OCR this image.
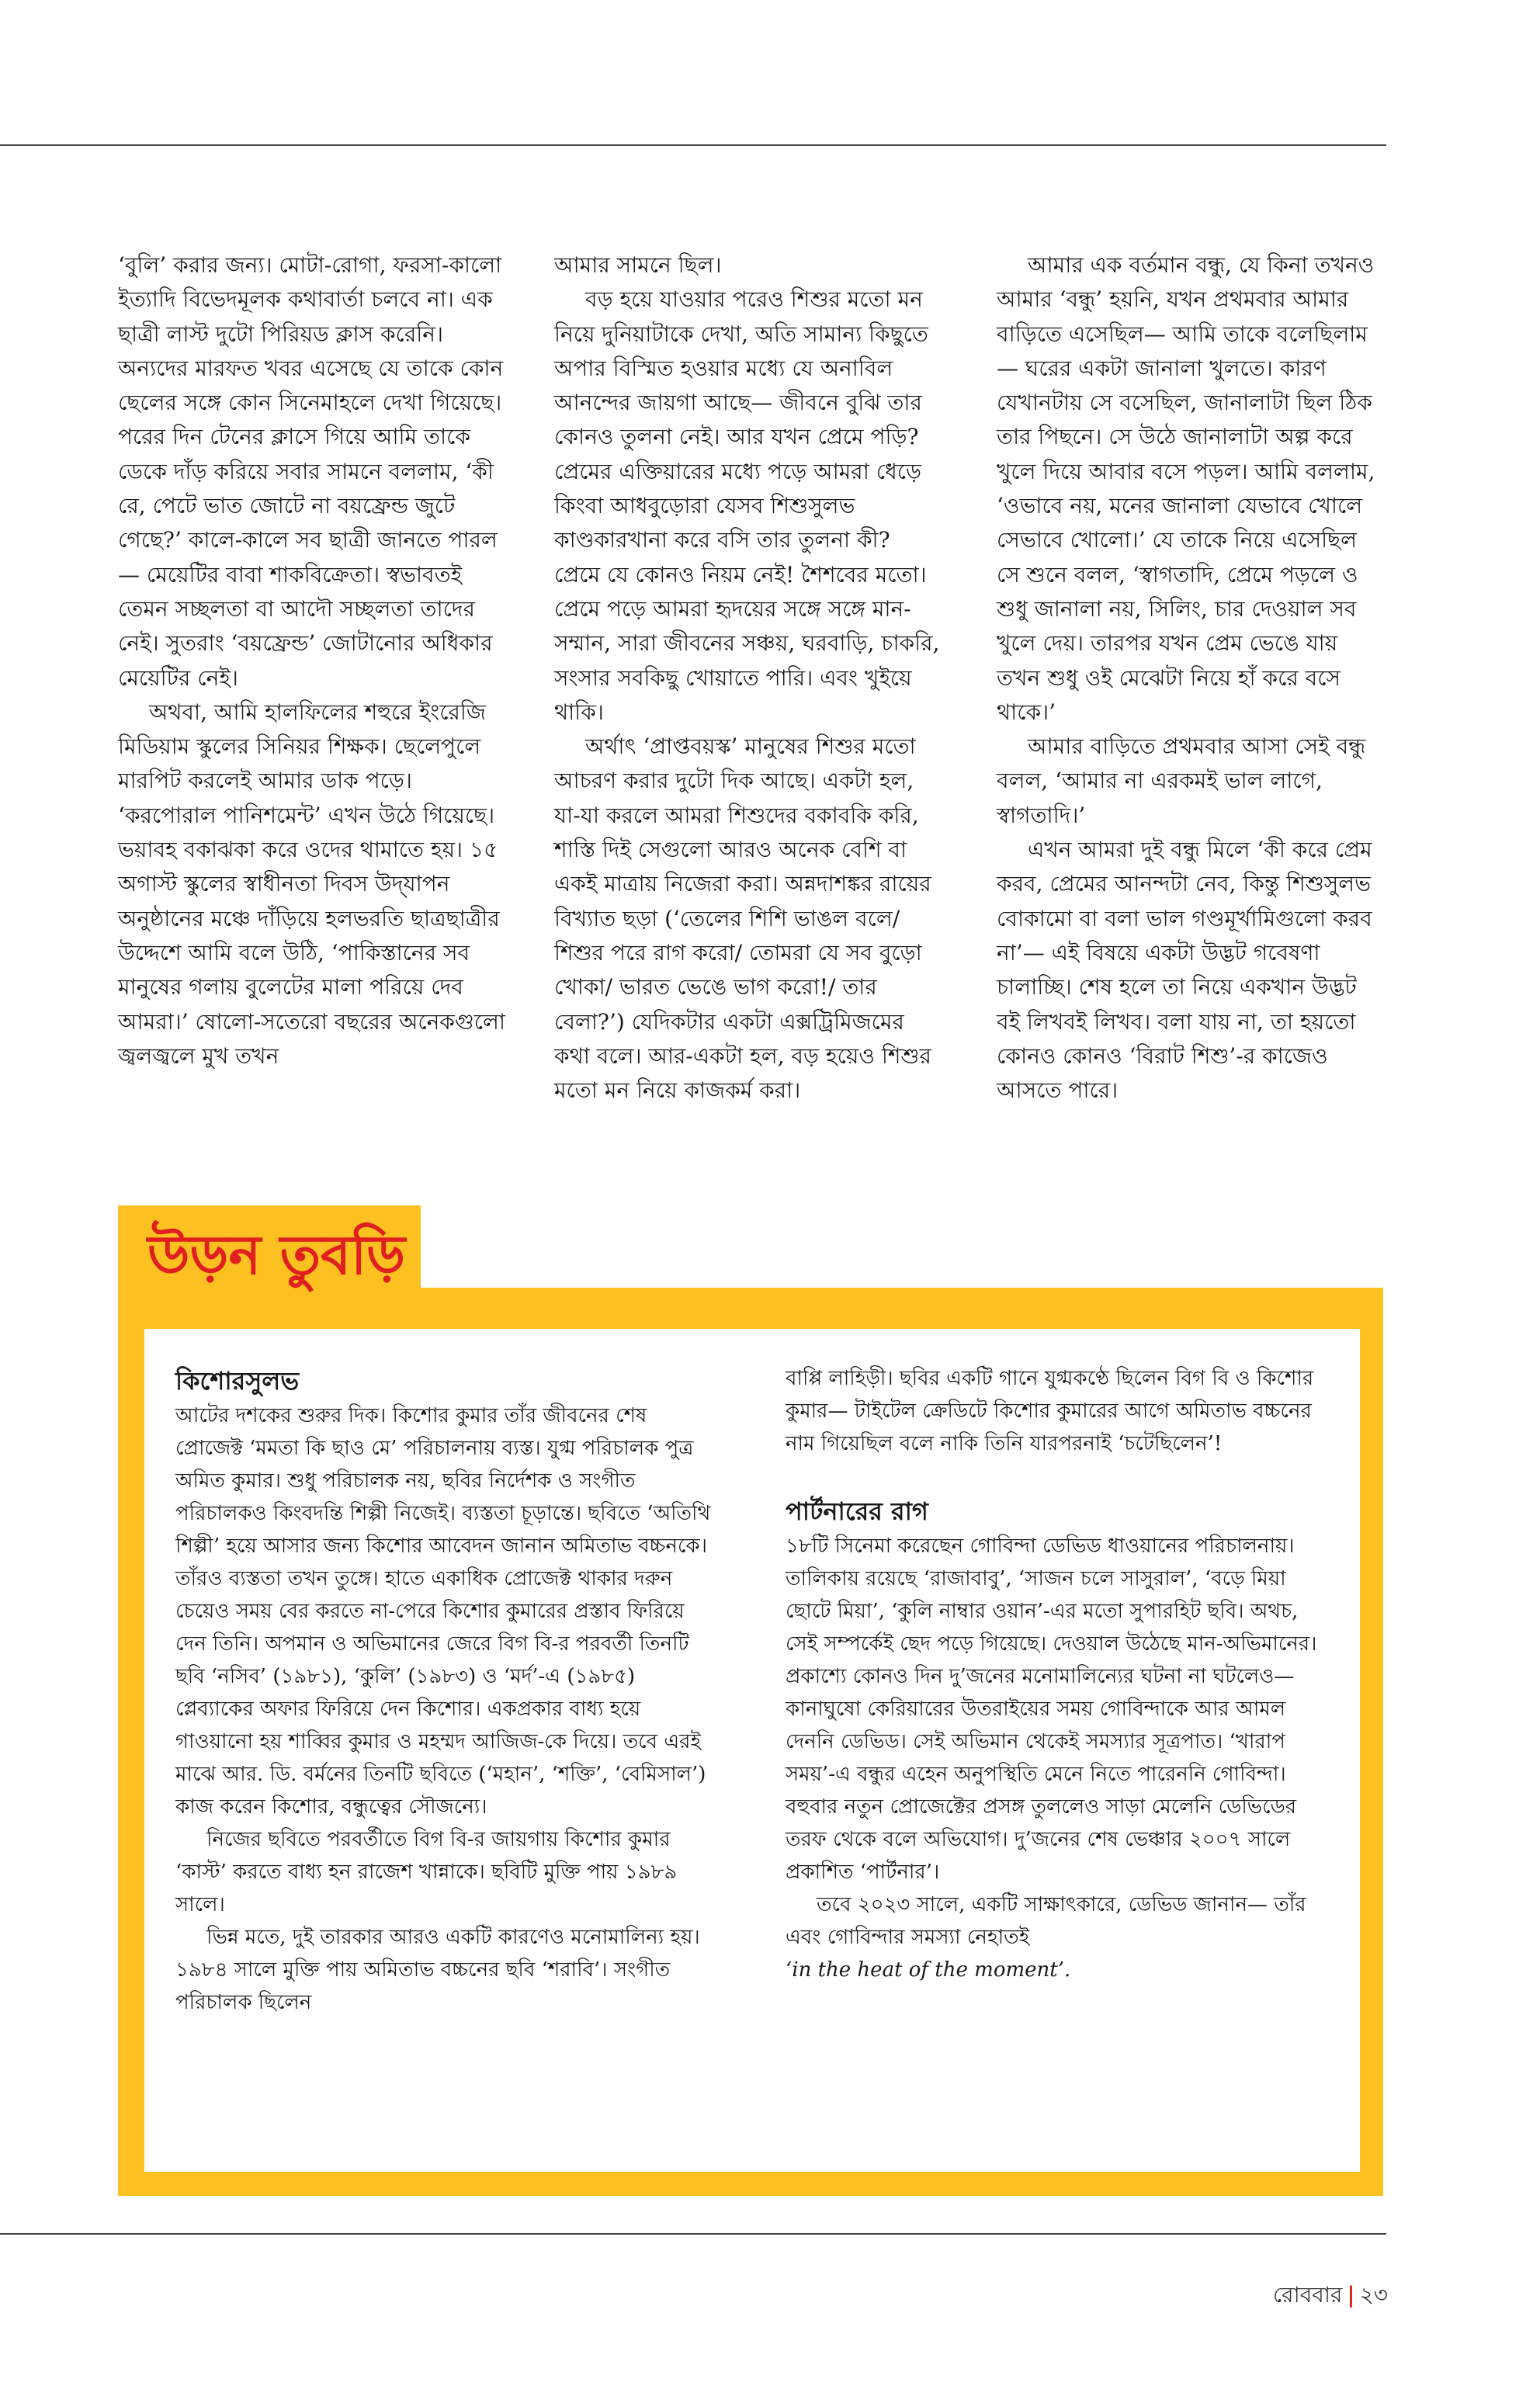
‘বুলি’ করার জন্য। মোটা-রোগা, ফরসা-কালো ইত্যাদি বিভেদমূলক কথাবার্তা চলবে না। এক ছাত্রী লাস্ট দুটো পিরিয়ড ক্লাস করেনি। অন্যদের মারফত খবর এসেছে যে তাকে কোন ছেলের সঙ্গে কোন সিনেমাহলে দেখা গিয়েছে। পরের দিন টেনের ক্লাসে গিয়ে আমি তাকে ডেকে দাঁড় করিয়ে সবার সামনে বললাম, ‘কী রে, পেটে ভাত জোটে না বয়ফ্রেন্ড জুটে গেছে?’ কালে-কালে সব ছাত্রী জানতে পারল— মেয়েটির বাবা শাকবিক্রেতা। স্বভাবতই তেমন সচ্ছলতা বা আদৌ সচ্ছলতা তাদের নেই। সুতরাং ‘বয়ফ্রেন্ড’ জোটানোর অধিকার মেয়েটির নেই।

অথবা, আমি হালফিলের শহুরে ইংরেজি মিডিয়াম স্কুলের সিনিয়র শিক্ষক। ছেলেপুলে মারপিট করলেই আমার ডাক পড়ে। ‘করপোরাল পানিশমেন্ট’ এখন উঠে গিয়েছে। ভয়াবহ বকাঝকা করে ওদের থামাতে হয়। ১৫ অগাস্ট স্কুলের স্বাধীনতা দিবস উদ্‌যাপন অনুষ্ঠানের মঞ্চে দাঁড়িয়ে হলভরতি ছাত্রছাত্রীর উদ্দেশে আমি বলে উঠি, ‘পাকিস্তানের সব মানুষের গলায় বুলেটের মালা পরিয়ে দেব আমরা।’ ষোলো-সতেরো বছরের অনেকগুলো জ্বলজ্বলে মুখ তখন

আমার সামনে ছিল।

বড় হয়ে যাওয়ার পরেও শিশুর মতো মন নিয়ে দুনিয়াটাকে দেখা, অতি সামান্য কিছুতে অপার বিস্মিত হওয়ার মধ্যে যে অনাবিল আনন্দের জায়গা আছে— জীবনে বুঝি তার কোনও তুলনা নেই। আর যখন প্রেমে পড়ি? প্রেমের এক্তিয়ারের মধ্যে পড়ে আমরা ধেড়ে কিংবা আধবুড়োরা যেসব শিশুসুলভ কাণ্ডকারখানা করে বসি তার তুলনা কী? প্রেমে যে কোনও নিয়ম নেই! শৈশবের মতো। প্রেমে পড়ে আমরা হৃদয়ের সঙ্গে সঙ্গে মান-সম্মান, সারা জীবনের সঞ্চয়, ঘরবাড়ি, চাকরি, সংসার সবকিছু খোয়াতে পারি। এবং খুইয়ে থাকি।

অর্থাৎ ‘প্রাপ্তবয়স্ক’ মানুষের শিশুর মতো আচরণ করার দুটো দিক আছে। একটা হল, যা-যা করলে আমরা শিশুদের বকাবকি করি, শাস্তি দিই সেগুলো আরও অনেক বেশি বা একই মাত্রায় নিজেরা করা। অন্নদাশঙ্কর রায়ের বিখ্যাত ছড়া (‘তেলের শিশি ভাঙল বলে/ শিশুর পরে রাগ করো/ তোমরা যে সব বুড়ো খোকা/ ভারত ভেঙে ভাগ করো!/ তার বেলা?’) যেদিকটার একটা এক্সট্রিমিজমের কথা বলে। আর-একটা হল, বড় হয়েও শিশুর মতো মন নিয়ে কাজকর্ম করা।

আমার এক বর্তমান বন্ধু, যে কিনা তখনও আমার ‘বন্ধু’ হয়নি, যখন প্রথমবার আমার বাড়িতে এসেছিল— আমি তাকে বলেছিলাম— ঘরের একটা জানালা খুলতে। কারণ যেখানটায় সে বসেছিল, জানালাটা ছিল ঠিক তার পিছনে। সে উঠে জানালাটা অল্প করে খুলে দিয়ে আবার বসে পড়ল। আমি বললাম, ‘ওভাবে নয়, মনের জানালা যেভাবে খোলে সেভাবে খোলো।’ যে তাকে নিয়ে এসেছিল সে শুনে বলল, ‘স্বাগতাদি, প্রেমে পড়লে ও শুধু জানালা নয়, সিলিং, চার দেওয়াল সব খুলে দেয়। তারপর যখন প্রেম ভেঙে যায় তখন শুধু ওই মেঝেটা নিয়ে হাঁ করে বসে থাকে।’

আমার বাড়িতে প্রথমবার আসা সেই বন্ধু বলল, ‘আমার না এরকমই ভাল লাগে, স্বাগতাদি।’

এখন আমরা দুই বন্ধু মিলে ‘কী করে প্রেম করব, প্রেমের আনন্দটা নেব, কিন্তু শিশুসুলভ বোকামো বা বলা ভাল গণ্ডমূর্খামিগুলো করব না’— এই বিষয়ে একটা উদ্ভট গবেষণা চালাচ্ছি। শেষ হলে তা নিয়ে একখান উদ্ভট বই লিখবই লিখব। বলা যায় না, তা হয়তো কোনও কোনও ‘বিরাট শিশু’-র কাজেও আসতে পারে।

উড়ন তুবড়ি

কিশোরসুলভ

আটের দশকের শুরুর দিক। কিশোর কুমার তাঁর জীবনের শেষ প্রোজেক্ট ‘মমতা কি ছাও মে’ পরিচালনায় ব্যস্ত। যুগ্ম পরিচালক পুত্র অমিত কুমার। শুধু পরিচালক নয়, ছবির নির্দেশক ও সংগীত পরিচালকও কিংবদন্তি শিল্পী নিজেই। ব্যস্ততা চূড়ান্তে। ছবিতে ‘অতিথি শিল্পী’ হয়ে আসার জন্য কিশোর আবেদন জানান অমিতাভ বচ্চনকে। তাঁরও ব্যস্ততা তখন তুঙ্গে। হাতে একাধিক প্রোজেক্ট থাকার দরুন চেয়েও সময় বের করতে না-পেরে কিশোর কুমারের প্রস্তাব ফিরিয়ে দেন তিনি। অপমান ও অভিমানের জেরে বিগ বি-র পরবর্তী তিনটি ছবি ‘নসিব’ (১৯৮১), ‘কুলি’ (১৯৮৩) ও ‘মর্দ’-এ (১৯৮৫) প্লেব্যাকের অফার ফিরিয়ে দেন কিশোর। একপ্রকার বাধ্য হয়ে গাওয়ানো হয় শাব্বির কুমার ও মহম্মদ আজিজ-কে দিয়ে। তবে এরই মাঝে আর. ডি. বর্মনের তিনটি ছবিতে (‘মহান’, ‘শক্তি’, ‘বেমিসাল’) কাজ করেন কিশোর, বন্ধুত্বের সৌজন্যে।

নিজের ছবিতে পরবর্তীতে বিগ বি-র জায়গায় কিশোর কুমার ‘কাস্ট’ করতে বাধ্য হন রাজেশ খান্নাকে। ছবিটি মুক্তি পায় ১৯৮৯ সালে।

ভিন্ন মতে, দুই তারকার আরও একটি কারণেও মনোমালিন্য হয়। ১৯৮৪ সালে মুক্তি পায় অমিতাভ বচ্চনের ছবি ‘শরাবি’। সংগীত পরিচালক ছিলেন

বাপ্পি লাহিড়ী। ছবির একটি গানে যুগ্মকণ্ঠে ছিলেন বিগ বি ও কিশোর কুমার— টাইটেল ক্রেডিটে কিশোর কুমারের আগে অমিতাভ বচ্চনের নাম গিয়েছিল বলে নাকি তিনি যারপরনাই ‘চটেছিলেন’!

পার্টনারের রাগ

১৮টি সিনেমা করেছেন গোবিন্দা ডেভিড ধাওয়ানের পরিচালনায়। তালিকায় রয়েছে ‘রাজাবাবু’, ‘সাজন চলে সাসুরাল’, ‘বড়ে মিয়া ছোটে মিয়া’, ‘কুলি নাম্বার ওয়ান’-এর মতো সুপারহিট ছবি। অথচ, সেই সম্পর্কেই ছেদ পড়ে গিয়েছে। দেওয়াল উঠেছে মান-অভিমানের। প্রকাশ্যে কোনও দিন দু’জনের মনোমালিন্যের ঘটনা না ঘটলেও— কানাঘুষো কেরিয়ারের উতরাইয়ের সময় গোবিন্দাকে আর আমল দেননি ডেভিড। সেই অভিমান থেকেই সমস্যার সূত্রপাত। ‘খারাপ সময়’-এ বন্ধুর এহেন অনুপস্থিতি মেনে নিতে পারেননি গোবিন্দা। বহুবার নতুন প্রোজেক্টের প্রসঙ্গ তুললেও সাড়া মেলেনি ডেভিডের তরফ থেকে বলে অভিযোগ। দু’জনের শেষ ভেঞ্চার ২০০৭ সালে প্রকাশিত ‘পার্টনার’।

তবে ২০২৩ সালে, একটি সাক্ষাৎকারে, ডেভিড জানান— তাঁর এবং গোবিন্দার সমস্যা নেহাতই

‘in the heat of the moment’.

রোববার | ২৩
